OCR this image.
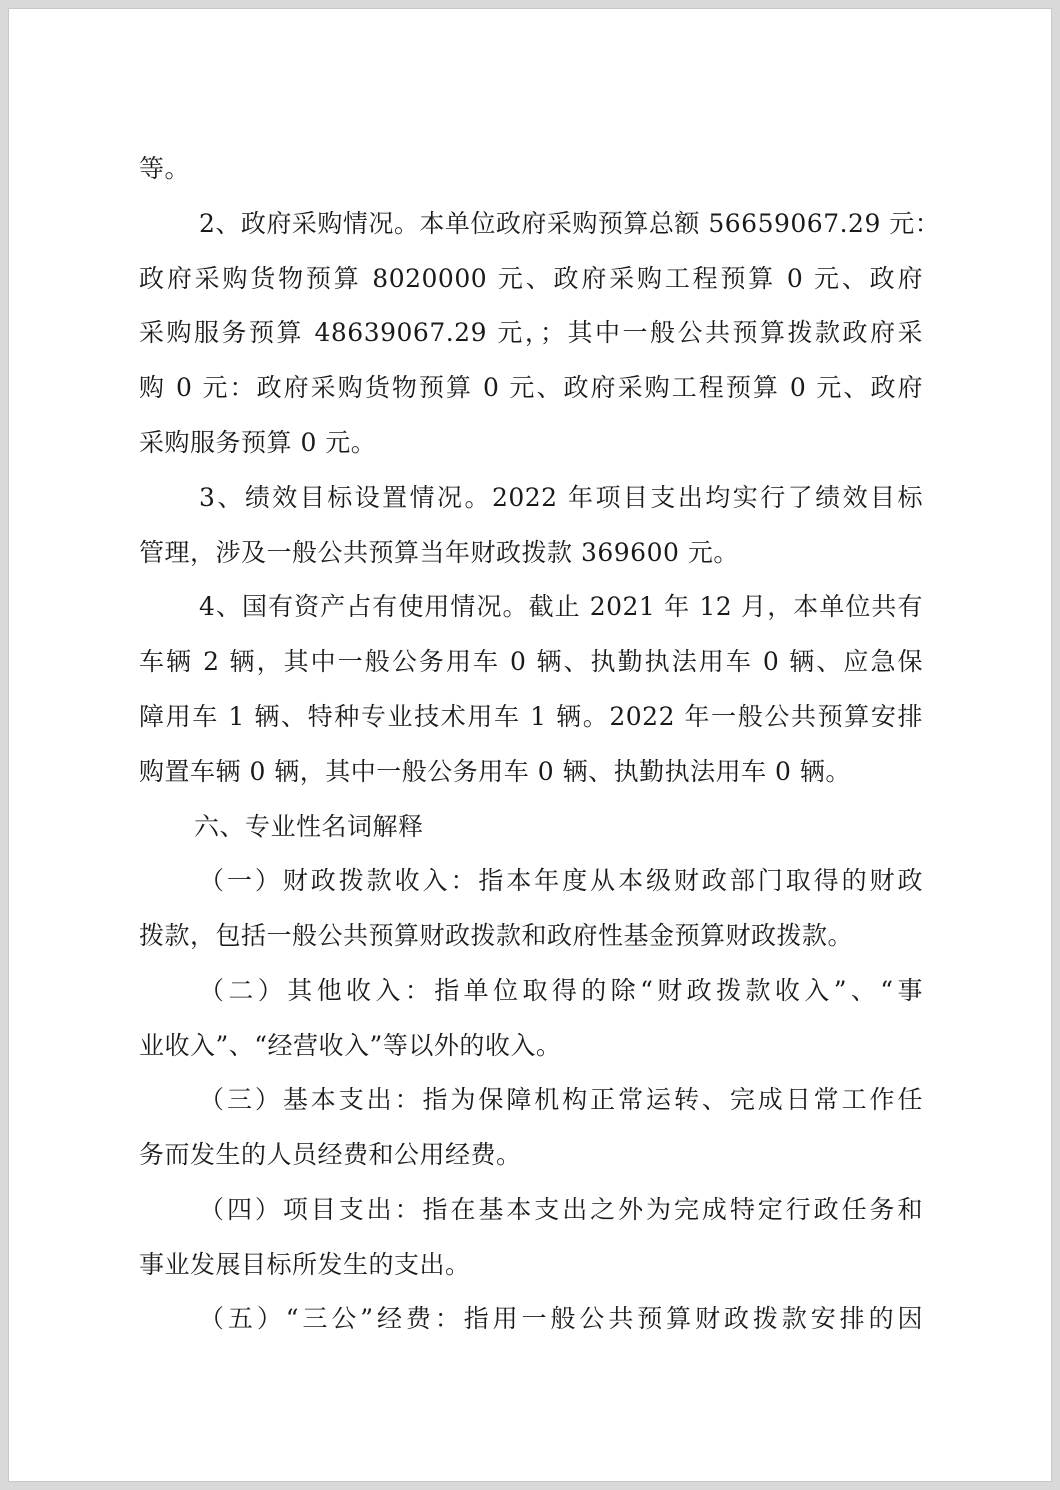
等。
2、政府采购情况。本单位政府采购预算总额 56659067.29 元：
政府采购货物预算 8020000 元、政府采购工程预算 0 元、政府
采购服务预算 48639067.29 元，；其中一般公共预算拨款政府采
购 0 元：政府采购货物预算 0 元、政府采购工程预算 0 元、政府
采购服务预算 0 元。
3、绩效目标设置情况。2022 年项目支出均实行了绩效目标
管理，涉及一般公共预算当年财政拨款 369600 元。
4、国有资产占有使用情况。截止 2021 年 12 月，本单位共有
车辆 2 辆，其中一般公务用车 0 辆、执勤执法用车 0 辆、应急保
障用车 1 辆、特种专业技术用车 1 辆。2022 年一般公共预算安排
购置车辆 0 辆，其中一般公务用车 0 辆、执勤执法用车 0 辆。
六、专业性名词解释
（一）财政拨款收入：指本年度从本级财政部门取得的财政
拨款，包括一般公共预算财政拨款和政府性基金预算财政拨款。
（二）其他收入：指单位取得的除“财政拨款收入”、“事
业收入”、“经营收入”等以外的收入。
（三）基本支出：指为保障机构正常运转、完成日常工作任
务而发生的人员经费和公用经费。
（四）项目支出：指在基本支出之外为完成特定行政任务和
事业发展目标所发生的支出。
（五）“三公”经费：指用一般公共预算财政拨款安排的因
